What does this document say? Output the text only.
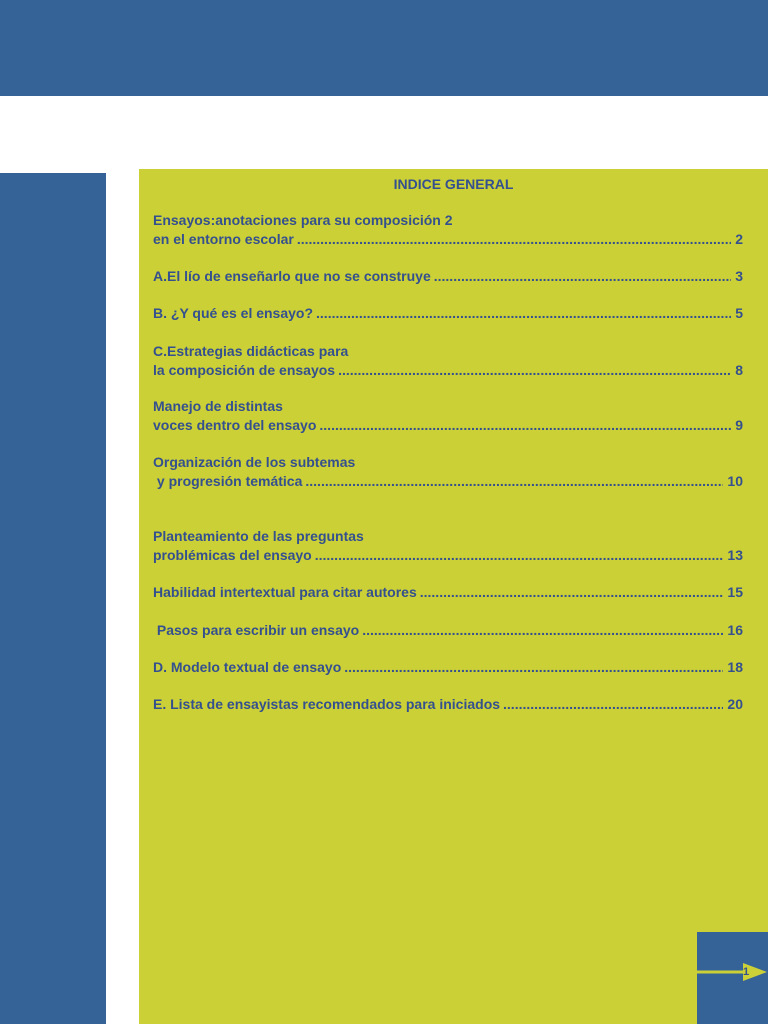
INDICE GENERAL
Ensayos:anotaciones para su composición 2
en el entorno escolar .....	2
A.El lío de enseñarlo que no se construye .....	3
B. ¿Y qué es el ensayo? .....	5
C.Estrategias didácticas para
la composición de ensayos .....	8
Manejo de distintas
voces dentro del ensayo .....	9
Organización de los subtemas
y progresión temática .....	10
Planteamiento de las preguntas
problémicas del ensayo .....	13
Habilidad intertextual para citar autores .....	15
Pasos para escribir un ensayo .....	16
D. Modelo textual de ensayo .....	18
E. Lista de ensayistas recomendados para iniciados .....	20
1
